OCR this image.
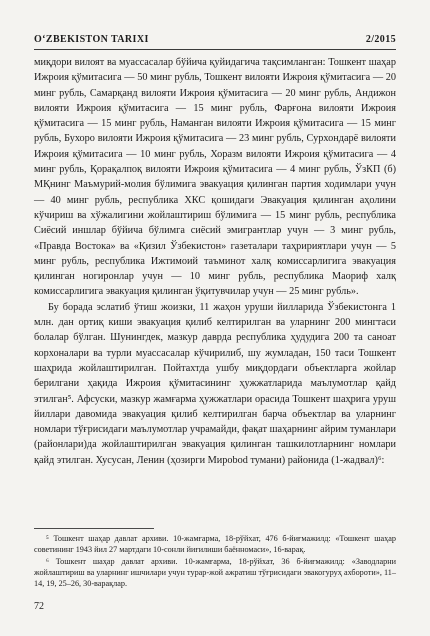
O‘ZBEKISTON TARIXI	2/2015

миқдори вилоят ва муассасалар бўйича қуйидагича тақсимланган: Тошкент шаҳар Ижроия қўмитасига — 50 минг рубль, Тошкент вилояти Ижроия қўмитасига — 20 минг рубль, Самарқанд вилояти Ижроия қўмитасига — 20 минг рубль, Андижон вилояти Ижроия қўмитасига — 15 минг рубль, Фарғона вилояти Ижроия қўмитасига — 15 минг рубль, Наманган вилояти Ижроия қўмитасига — 15 минг рубль, Бухоро вилояти Ижроия қўмитасига — 23 минг рубль, Сурхондарё вилояти Ижроия қўмитасига — 10 минг рубль, Хоразм вилояти Ижроия қўмитасига — 4 минг рубль, Қорақалпоқ вилояти Ижроия қўмитасига — 4 минг рубль, ЎзКП (б) МҚнинг Маъмурий-молия бўлимига эвакуация қилинган партия ходимлари учун — 40 минг рубль, республика ХКС қошидаги Эвакуация қилинган аҳолини кўчириш ва хўжалигини жойлаштириш бўлимига — 15 минг рубль, республика Сиёсий иншлар бўйича бўлимга сиёсий эмигрантлар учун — 3 минг рубль, «Правда Востока» ва «Қизил Ўзбекистон» газеталари таҳририятлари учун — 5 минг рубль, республика Ижтимоий таъминот халқ комиссарлигига эвакуация қилинган ногиронлар учун — 10 минг рубль, республика Маориф халқ комиссарлигига эвакуация қилинган ўқитувчилар учун — 25 минг рубль».

Бу борада эслатиб ўтиш жоизки, 11 жаҳон уруши йилларида Ўзбекистонга 1 млн. дан ортиқ киши эвакуация қилиб келтирилган ва уларнинг 200 мингтаси болалар бўлган. Шунингдек, мазкур даврда республика ҳудудига 200 та саноат корхоналари ва турли муассасалар кўчирилиб, шу жумладан, 150 таси Тошкент шаҳрида жойлаштирилган. Пойтахтда ушбу миқдордаги объектларга жойлар берилгани ҳақида Ижроия қўмитасининг ҳужжатларида маълумотлар қайд этилган⁵. Афсуски, мазкур жамғарма ҳужжатлари орасида Тошкент шаҳрига уруш йиллари давомида эвакуация қилиб келтирилган барча объектлар ва уларнинг номлари тўғрисидаги маълумотлар учрамайди, фақат шаҳарнинг айрим туманлари (районлари)да жойлаштирилган эвакуация қилинган ташкилотларнинг номлари қайд этилган. Хусусан, Ленин (ҳозирги Мирobod тумани) районида (1-жадвал)⁶:

⁵ Тошкент шаҳар давлат архиви. 10-жамғарма, 18-рўйхат, 476 б-йиғмажилд: «Тошкент шаҳар советининг 1943 йил 27 мартдаги 10-сонли йиғилиши баённомаси», 16-варақ.

⁶ Тошкент шаҳар давлат архиви. 10-жамғарма, 18-рўйхат, 36 б-йиғмажилд: «Заводларни жойлаштириш ва уларнинг ишчилари учун турар-жой ажратиш тўғрисидаги эвакогуруҳ ахбороти», 11–14, 19, 25–26, 30-варақлар.

72
